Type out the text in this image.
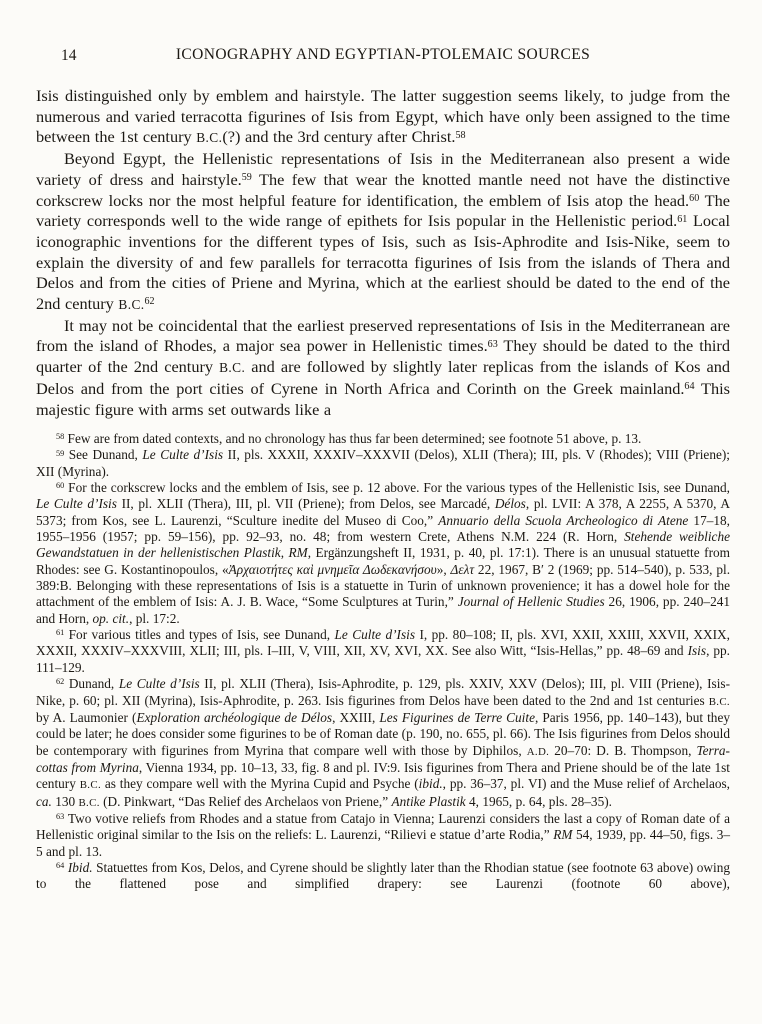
14	ICONOGRAPHY AND EGYPTIAN-PTOLEMAIC SOURCES

Isis distinguished only by emblem and hairstyle. The latter suggestion seems likely, to judge from the numerous and varied terracotta figurines of Isis from Egypt, which have only been assigned to the time between the 1st century B.C.(?) and the 3rd century after Christ.$^{58}$

Beyond Egypt, the Hellenistic representations of Isis in the Mediterranean also present a wide variety of dress and hairstyle.$^{59}$ The few that wear the knotted mantle need not have the distinctive corkscrew locks nor the most helpful feature for identification, the emblem of Isis atop the head.$^{60}$ The variety corresponds well to the wide range of epithets for Isis popular in the Hellenistic period.$^{61}$ Local iconographic inventions for the different types of Isis, such as Isis-Aphrodite and Isis-Nike, seem to explain the diversity of and few parallels for terracotta figurines of Isis from the islands of Thera and Delos and from the cities of Priene and Myrina, which at the earliest should be dated to the end of the 2nd century B.C.$^{62}$

It may not be coincidental that the earliest preserved representations of Isis in the Mediterranean are from the island of Rhodes, a major sea power in Hellenistic times.$^{63}$ They should be dated to the third quarter of the 2nd century B.C. and are followed by slightly later replicas from the islands of Kos and Delos and from the port cities of Cyrene in North Africa and Corinth on the Greek mainland.$^{64}$ This majestic figure with arms set outwards like a

$^{58}$ Few are from dated contexts, and no chronology has thus far been determined; see footnote 51 above, p. 13.

$^{59}$ See Dunand, Le Culte d’Isis II, pls. XXXII, XXXIV–XXXVII (Delos), XLII (Thera); III, pls. V (Rhodes); VIII (Priene); XII (Myrina).

$^{60}$ For the corkscrew locks and the emblem of Isis, see p. 12 above. For the various types of the Hellenistic Isis, see Dunand, Le Culte d’Isis II, pl. XLII (Thera), III, pl. VII (Priene); from Delos, see Marcadé, Délos, pl. LVII: A 378, A 2255, A 5370, A 5373; from Kos, see L. Laurenzi, “Sculture inedite del Museo di Coo,” Annuario della Scuola Archeologico di Atene 17–18, 1955–1956 (1957; pp. 59–156), pp. 92–93, no. 48; from western Crete, Athens N.M. 224 (R. Horn, Stehende weibliche Gewandstatuen in der hellenistischen Plastik, RM, Ergänzungsheft II, 1931, p. 40, pl. 17:1). There is an unusual statuette from Rhodes: see G. Kostantinopoulos, «Ἀρχαιοτήτες καὶ μνημεῖα Δωδεκανήσου», Δελτ 22, 1967, Β′ 2 (1969; pp. 514–540), p. 533, pl. 389:B. Belonging with these representations of Isis is a statuette in Turin of unknown provenience; it has a dowel hole for the attachment of the emblem of Isis: A. J. B. Wace, “Some Sculptures at Turin,” Journal of Hellenic Studies 26, 1906, pp. 240–241 and Horn, op. cit., pl. 17:2.

$^{61}$ For various titles and types of Isis, see Dunand, Le Culte d’Isis I, pp. 80–108; II, pls. XVI, XXII, XXIII, XXVII, XXIX, XXXII, XXXIV–XXXVIII, XLII; III, pls. I–III, V, VIII, XII, XV, XVI, XX. See also Witt, “Isis-Hellas,” pp. 48–69 and Isis, pp. 111–129.

$^{62}$ Dunand, Le Culte d’Isis II, pl. XLII (Thera), Isis-Aphrodite, p. 129, pls. XXIV, XXV (Delos); III, pl. VIII (Priene), Isis-Nike, p. 60; pl. XII (Myrina), Isis-Aphrodite, p. 263. Isis figurines from Delos have been dated to the 2nd and 1st centuries B.C. by A. Laumonier (Exploration archéologique de Délos, XXIII, Les Figurines de Terre Cuite, Paris 1956, pp. 140–143), but they could be later; he does consider some figurines to be of Roman date (p. 190, no. 655, pl. 66). The Isis figurines from Delos should be contemporary with figurines from Myrina that compare well with those by Diphilos, A.D. 20–70: D. B. Thompson, Terra-cottas from Myrina, Vienna 1934, pp. 10–13, 33, fig. 8 and pl. IV:9. Isis figurines from Thera and Priene should be of the late 1st century B.C. as they compare well with the Myrina Cupid and Psyche (ibid., pp. 36–37, pl. VI) and the Muse relief of Archelaos, ca. 130 B.C. (D. Pinkwart, “Das Relief des Archelaos von Priene,” Antike Plastik 4, 1965, p. 64, pls. 28–35).

$^{63}$ Two votive reliefs from Rhodes and a statue from Catajo in Vienna; Laurenzi considers the last a copy of Roman date of a Hellenistic original similar to the Isis on the reliefs: L. Laurenzi, “Rilievi e statue d’arte Rodia,” RM 54, 1939, pp. 44–50, figs. 3–5 and pl. 13.

$^{64}$ Ibid. Statuettes from Kos, Delos, and Cyrene should be slightly later than the Rhodian statue (see footnote 63 above) owing to the flattened pose and simplified drapery: see Laurenzi (footnote 60 above),
